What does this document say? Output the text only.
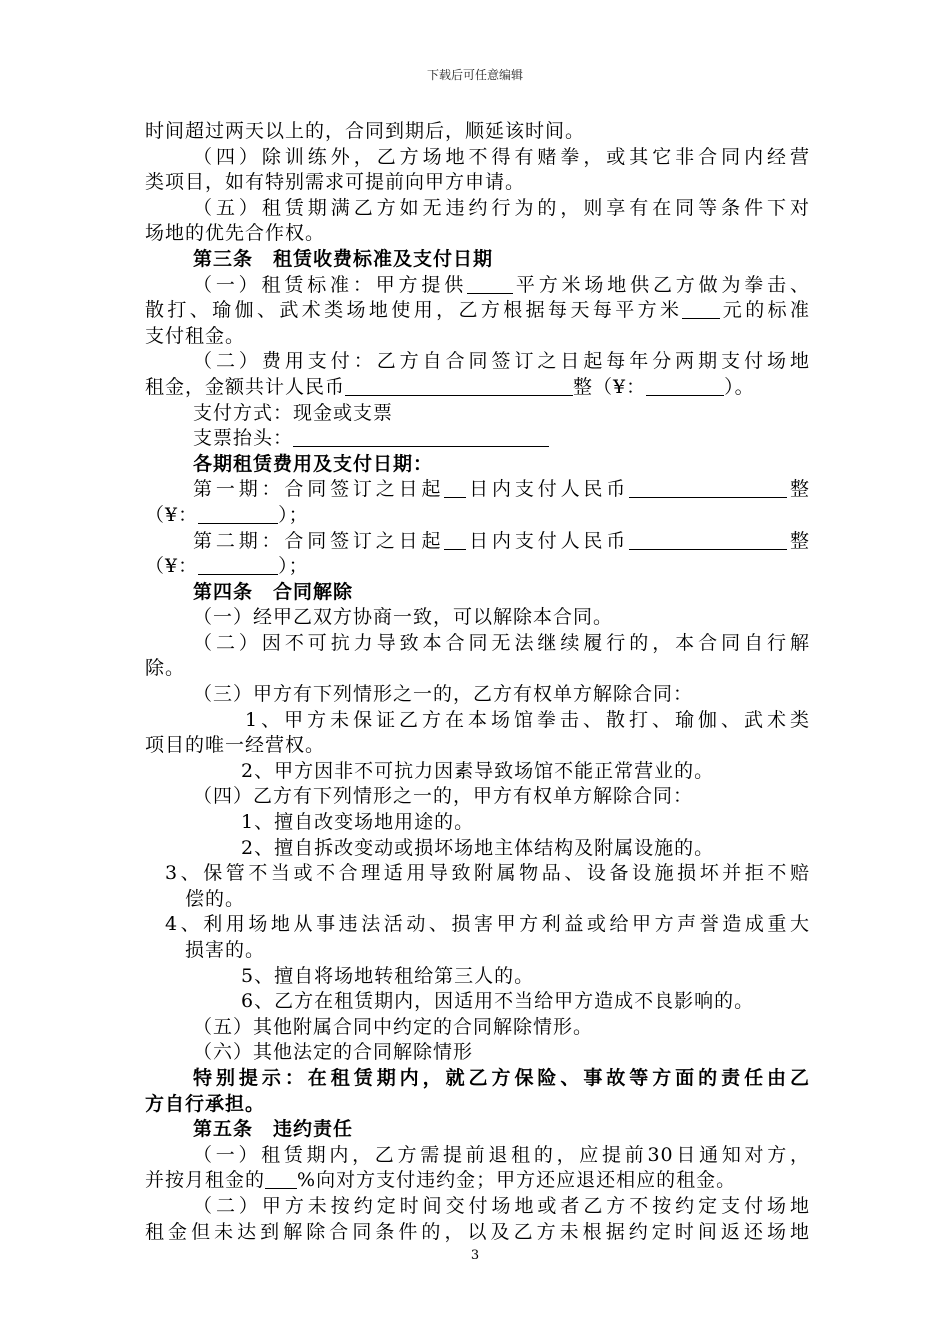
下载后可任意编辑
时间超过两天以上的，合同到期后，顺延该时间。
（四）除训练外，乙方场地不得有赌拳，或其它非合同内经营
类项目，如有特别需求可提前向甲方申请。
（五）租赁期满乙方如无违约行为的，则享有在同等条件下对
场地的优先合作权。
第三条　租赁收费标准及支付日期
（一）租赁标准：甲方提供 平方米场地供乙方做为拳击、
散打、瑜伽、武术类场地使用，乙方根据每天每平方米 元的标准
支付租金。
（二）费用支付：乙方自合同签订之日起每年分两期支付场地
租金，金额共计人民币	整（¥：	）。
支付方式：现金或支票
支票抬头：
各期租赁费用及支付日期：
第一期：合同签订之日起 日内支付人民币	整
（¥：	）；
第二期：合同签订之日起 日内支付人民币	整
（¥：	）；
第四条　合同解除
（一）经甲乙双方协商一致，可以解除本合同。
（二）因不可抗力导致本合同无法继续履行的，本合同自行解
除。
（三）甲方有下列情形之一的，乙方有权单方解除合同：
1、甲方未保证乙方在本场馆拳击、散打、瑜伽、武术类
项目的唯一经营权。
2、甲方因非不可抗力因素导致场馆不能正常营业的。
（四）乙方有下列情形之一的，甲方有权单方解除合同：
1、擅自改变场地用途的。
2、擅自拆改变动或损坏场地主体结构及附属设施的。
3、保管不当或不合理适用导致附属物品、设备设施损坏并拒不赔
偿的。
4、利用场地从事违法活动、损害甲方利益或给甲方声誉造成重大
损害的。
5、擅自将场地转租给第三人的。
6、乙方在租赁期内，因适用不当给甲方造成不良影响的。
（五）其他附属合同中约定的合同解除情形。
（六）其他法定的合同解除情形
特别提示：在租赁期内，就乙方保险、事故等方面的责任由乙
方自行承担。
第五条　违约责任
（一）租赁期内，乙方需提前退租的，应提前30日通知对方，
并按月租金的 %向对方支付违约金；甲方还应退还相应的租金。
（二）甲方未按约定时间交付场地或者乙方不按约定支付场地
租金但未达到解除合同条件的，以及乙方未根据约定时间返还场地
3
